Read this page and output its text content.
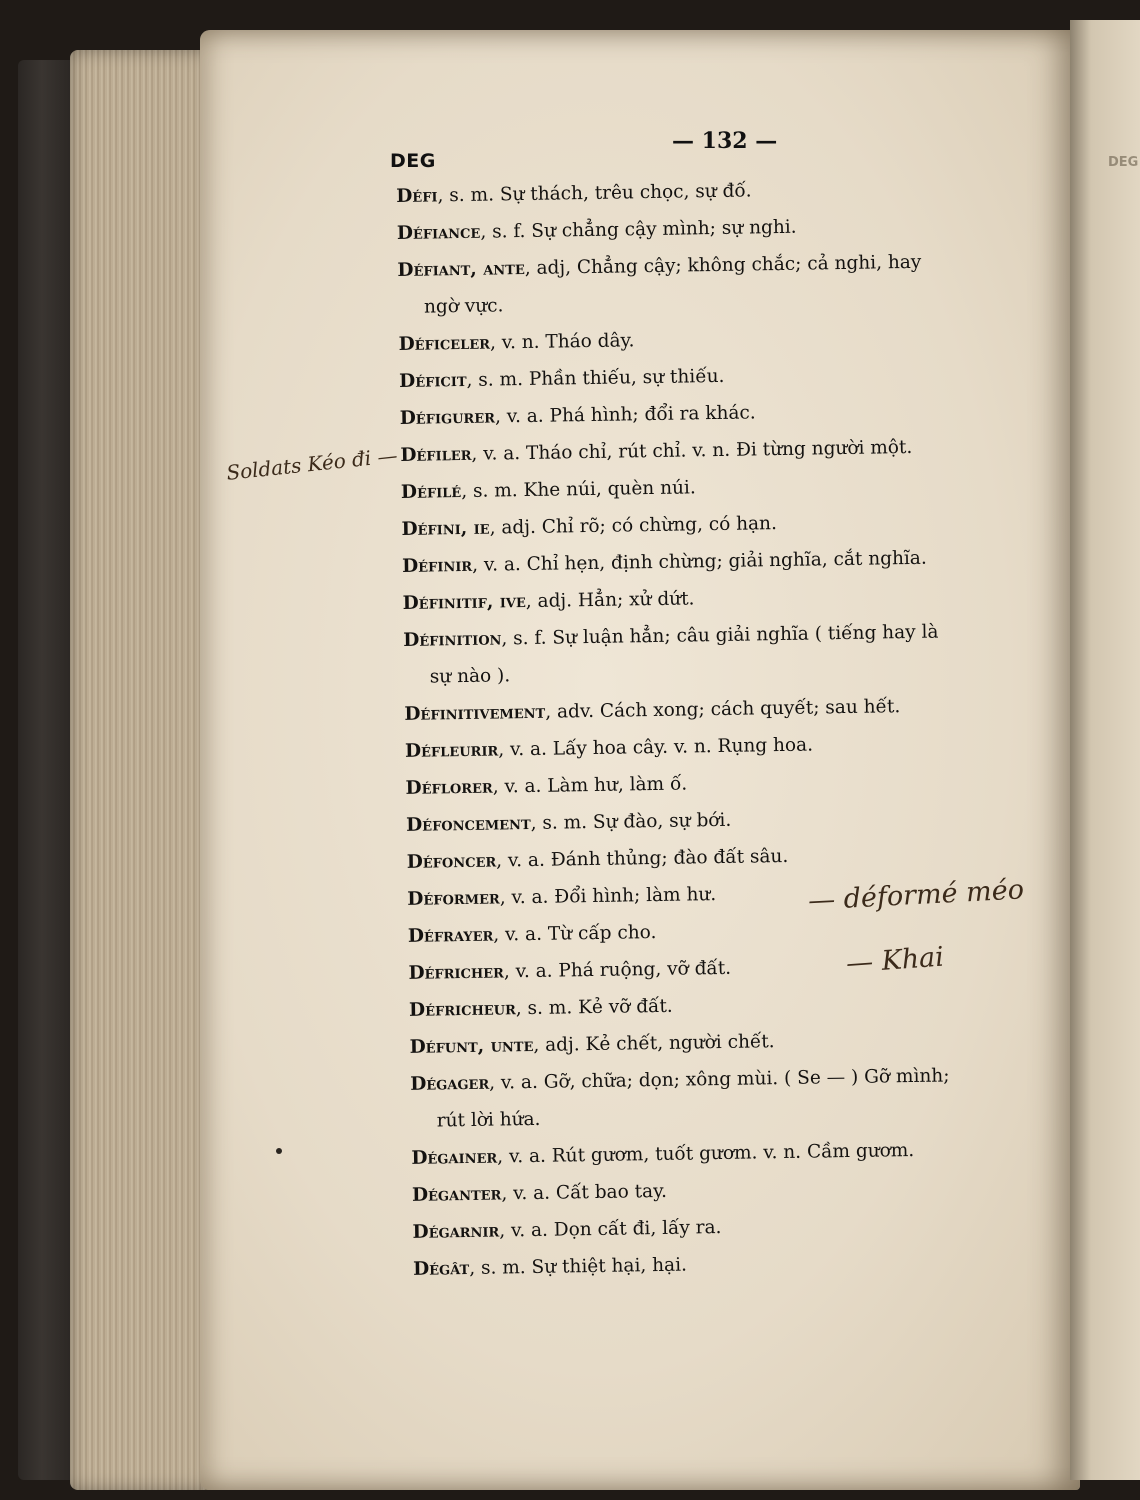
DEG
DEG
— 132 —

Défi, s. m. Sự thách, trêu chọc, sự đố.

Défiance, s. f. Sự chẳng cậy mình; sự nghi.

Défiant, ante, adj, Chẳng cậy; không chắc; cả nghi, hay
ngờ vực.

Déficeler, v. n. Tháo dây.

Déficit, s. m. Phần thiếu, sự thiếu.

Défigurer, v. a. Phá hình; đổi ra khác.

Défiler, v. a. Tháo chỉ, rút chỉ. v. n. Đi từng người một.

Défilé, s. m. Khe núi, quèn núi.

Défini, ie, adj. Chỉ rõ; có chừng, có hạn.

Définir, v. a. Chỉ hẹn, định chừng; giải nghĩa, cắt nghĩa.

Définitif, ive, adj. Hẳn; xử dứt.

Définition, s. f. Sự luận hẳn; câu giải nghĩa ( tiếng hay là
sự nào ).

Définitivement, adv. Cách xong; cách quyết; sau hết.

Défleurir, v. a. Lấy hoa cây. v. n. Rụng hoa.

Déflorer, v. a. Làm hư, làm ố.

Défoncement, s. m. Sự đào, sự bới.

Défoncer, v. a. Đánh thủng; đào đất sâu.

Déformer, v. a. Đổi hình; làm hư.

Défrayer, v. a. Từ cấp cho.

Défricher, v. a. Phá ruộng, vỡ đất.

Défricheur, s. m. Kẻ vỡ đất.

Défunt, unte, adj. Kẻ chết, người chết.

Dégager, v. a. Gỡ, chữa; dọn; xông mùi. ( Se — ) Gỡ mình;
rút lời hứa.

Dégainer, v. a. Rút gươm, tuốt gươm. v. n. Cầm gươm.

Déganter, v. a. Cất bao tay.

Dégarnir, v. a. Dọn cất đi, lấy ra.

Dégât, s. m. Sự thiệt hại, hại.

Soldats Kéo đi —
— déformé méo
— Khai
